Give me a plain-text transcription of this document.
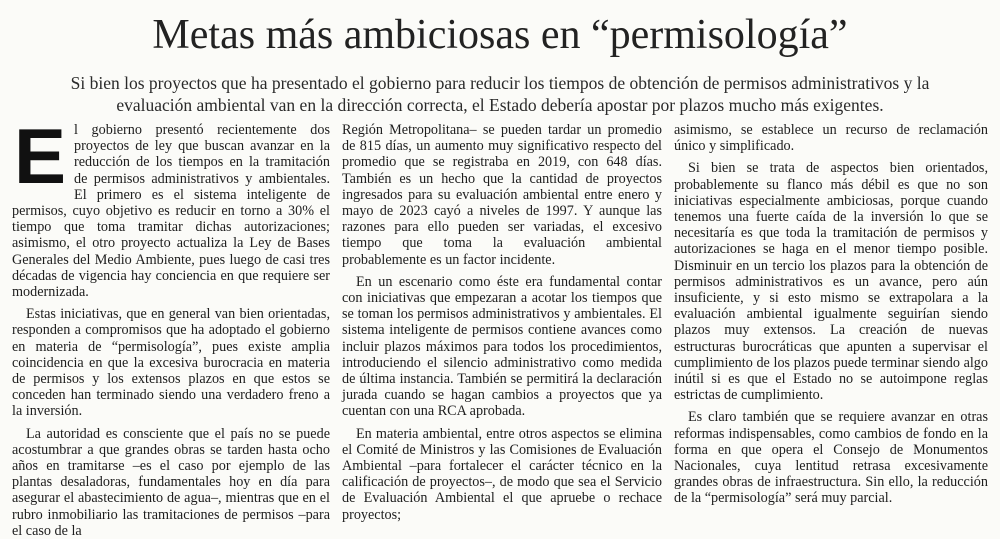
Metas más ambiciosas en “permisología”
Si bien los proyectos que ha presentado el gobierno para reducir los tiempos de obtención de permisos administrativos y la evaluación ambiental van en la dirección correcta, el Estado debería apostar por plazos mucho más exigentes.

El gobierno presentó recientemente dos proyectos de ley que buscan avanzar en la reducción de los tiempos en la tramitación de permisos administrativos y ambientales. El primero es el sistema inteligente de permisos, cuyo objetivo es reducir en torno a 30% el tiempo que toma tramitar dichas autorizaciones; asimismo, el otro proyecto actualiza la Ley de Bases Generales del Medio Ambiente, pues luego de casi tres décadas de vigencia hay conciencia en que requiere ser modernizada.

Estas iniciativas, que en general van bien orientadas, responden a compromisos que ha adoptado el gobierno en materia de “permisología”, pues existe amplia coincidencia en que la excesiva burocracia en materia de permisos y los extensos plazos en que estos se conceden han terminado siendo una verdadero freno a la inversión.

La autoridad es consciente que el país no se puede acostumbrar a que grandes obras se tarden hasta ocho años en tramitarse –es el caso por ejemplo de las plantas desaladoras, fundamentales hoy en día para asegurar el abastecimiento de agua–, mientras que en el rubro inmobiliario las tramitaciones de permisos –para el caso de la

Región Metropolitana– se pueden tardar un promedio de 815 días, un aumento muy significativo respecto del promedio que se registraba en 2019, con 648 días. También es un hecho que la cantidad de proyectos ingresados para su evaluación ambiental entre enero y mayo de 2023 cayó a niveles de 1997. Y aunque las razones para ello pueden ser variadas, el excesivo tiempo que toma la evaluación ambiental probablemente es un factor incidente.

En un escenario como éste era fundamental contar con iniciativas que empezaran a acotar los tiempos que se toman los permisos administrativos y ambientales. El sistema inteligente de permisos contiene avances como incluir plazos máximos para todos los procedimientos, introduciendo el silencio administrativo como medida de última instancia. También se permitirá la declaración jurada cuando se hagan cambios a proyectos que ya cuentan con una RCA aprobada.

En materia ambiental, entre otros aspectos se elimina el Comité de Ministros y las Comisiones de Evaluación Ambiental –para fortalecer el carácter técnico en la calificación de proyectos–, de modo que sea el Servicio de Evaluación Ambiental el que apruebe o rechace proyectos;

asimismo, se establece un recurso de reclamación único y simplificado.

Si bien se trata de aspectos bien orientados, probablemente su flanco más débil es que no son iniciativas especialmente ambiciosas, porque cuando tenemos una fuerte caída de la inversión lo que se necesitaría es que toda la tramitación de permisos y autorizaciones se haga en el menor tiempo posible. Disminuir en un tercio los plazos para la obtención de permisos administrativos es un avance, pero aún insuficiente, y si esto mismo se extrapolara a la evaluación ambiental igualmente seguirían siendo plazos muy extensos. La creación de nuevas estructuras burocráticas que apunten a supervisar el cumplimiento de los plazos puede terminar siendo algo inútil si es que el Estado no se autoimpone reglas estrictas de cumplimiento.

Es claro también que se requiere avanzar en otras reformas indispensables, como cambios de fondo en la forma en que opera el Consejo de Monumentos Nacionales, cuya lentitud retrasa excesivamente grandes obras de infraestructura. Sin ello, la reducción de la “permisología” será muy parcial.
